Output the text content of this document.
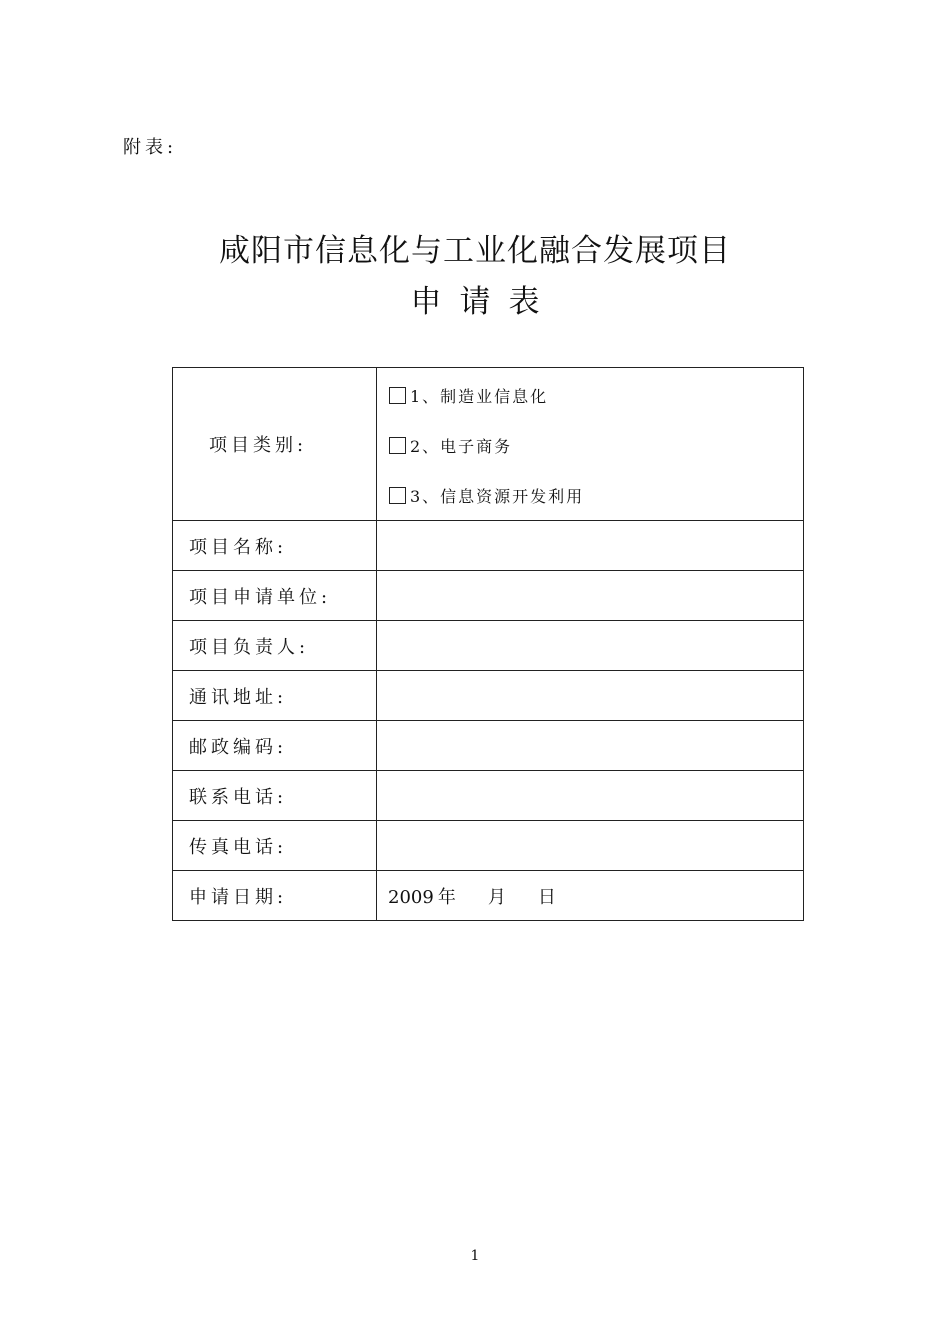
附表:
咸阳市信息化与工业化融合发展项目
申请表
项目类别:	1、制造业信息化
2、电子商务
3、信息资源开发利用

项目名称:	
项目申请单位:	
项目负责人:	
通讯地址:	
邮政编码:	
联系电话:	
传真电话:	
申请日期:	2009 年 月 日
1
